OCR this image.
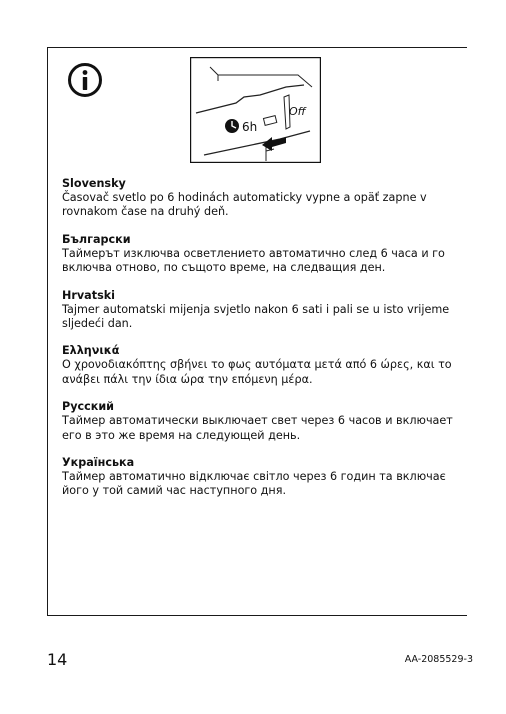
6h
Off

Slovensky

Časovač svetlo po 6 hodinách automaticky vypne a opäť zapne v rovnakom čase na druhý deň.

Български

Таймерът изключва осветлението автоматично след 6 часа и го включва отново, по същото време, на следващия ден.

Hrvatski

Tajmer automatski mijenja svjetlo nakon 6 sati i pali se u isto vrijeme sljedeći dan.

Ελληνικά

Ο χρονοδιακόπτης σβήνει το φως αυτόματα μετά από 6 ώρες, και το ανάβει πάλι την ίδια ώρα την επόμενη μέρα.

Русский

Таймер автоматически выключает свет через 6 часов и включает его в это же время на следующей день.

Українська

Таймер автоматично відключає світло через 6 годин та включає його у той самий час наступного дня.

14	AA-2085529-3
